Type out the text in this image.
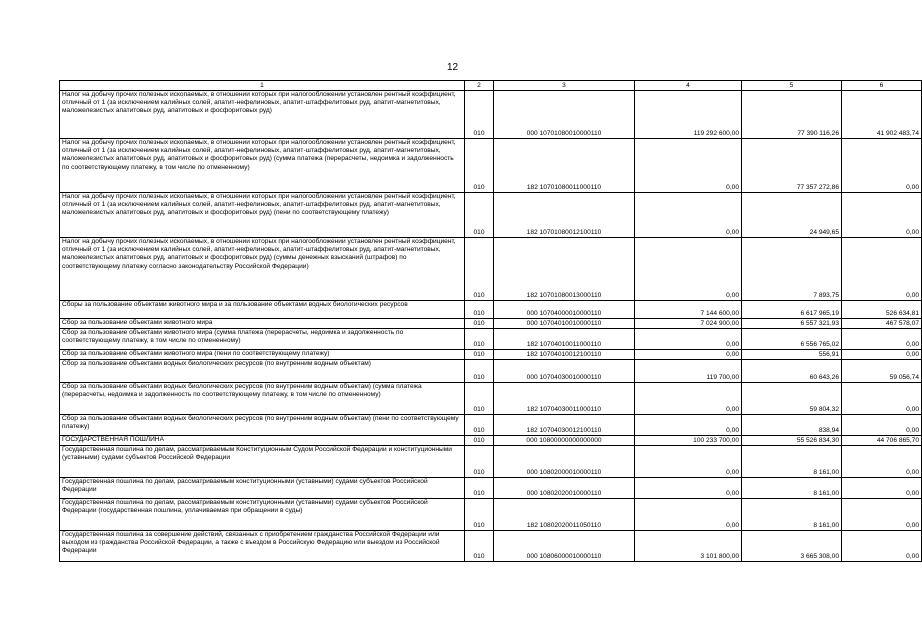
12
1	2	3	4	5	6

Налог на добычу прочих полезных ископаемых, в отношении которых при налогообложении установлен рентный коэффициент, отличный от 1 (за исключением калийных солей, апатит-нефелиновых, апатит-штаффелитовых руд, апатит-магнетитовых, маложелезистых апатитовых руд, апатитовых и фосфоритовых руд)	010	000 10701080010000110	119 292 600,00	77 390 116,26	41 902 483,74

Налог на добычу прочих полезных ископаемых, в отношении которых при налогообложении установлен рентный коэффициент, отличный от 1 (за исключением калийных солей, апатит-нефелиновых, апатит-штаффелитовых руд, апатит-магнетитовых, маложелезистых апатитовых руд, апатитовых и фосфоритовых руд) (сумма платежа (перерасчеты, недоимка и задолженность по соответствующему платежу, в том числе по отмененному)	010	182 10701080011000110	0,00	77 357 272,86	0,00

Налог на добычу прочих полезных ископаемых, в отношении которых при налогообложении установлен рентный коэффициент, отличный от 1 (за исключением калийных солей, апатит-нефелиновых, апатит-штаффелитовых руд, апатит-магнетитовых, маложелезистых апатитовых руд, апатитовых и фосфоритовых руд) (пени по соответствующему платежу)	010	182 10701080012100110	0,00	24 949,65	0,00

Налог на добычу прочих полезных ископаемых, в отношении которых при налогообложении установлен рентный коэффициент, отличный от 1 (за исключением калийных солей, апатит-нефелиновых, апатит-штаффелитовых руд, апатит-магнетитовых, маложелезистых апатитовых руд, апатитовых и фосфоритовых руд) (суммы денежных взысканий (штрафов) по соответствующему платежу согласно законодательству Российской Федерации)	010	182 10701080013000110	0,00	7 893,75	0,00

Сборы за пользование объектами животного мира и за пользование объектами водных биологических ресурсов	010	000 10704000010000110	7 144 600,00	6 617 965,19	526 634,81

Сбор за пользование объектами животного мира	010	000 10704010010000110	7 024 900,00	6 557 321,93	467 578,07

Сбор за пользование объектами животного мира (сумма платежа (перерасчеты, недоимка и задолженность по соответствующему платежу, в том числе по отмененному)	010	182 10704010011000110	0,00	6 556 765,02	0,00

Сбор за пользование объектами животного мира (пени по соответствующему платежу)	010	182 10704010012100110	0,00	556,91	0,00

Сбор за пользование объектами водных биологических ресурсов (по внутренним водным объектам)	010	000 10704030010000110	119 700,00	60 643,26	59 056,74

Сбор за пользование объектами водных биологических ресурсов (по внутренним водным объектам) (сумма платежа (перерасчеты, недоимка и задолженность по соответствующему платежу, в том числе по отмененному)	010	182 10704030011000110	0,00	59 804,32	0,00

Сбор за пользование объектами водных биологических ресурсов (по внутренним водным объектам) (пени по соответствующему платежу)	010	182 10704030012100110	0,00	838,94	0,00

ГОСУДАРСТВЕННАЯ ПОШЛИНА	010	000 10800000000000000	100 233 700,00	55 526 834,30	44 706 865,70

Государственная пошлина по делам, рассматриваемым Конституционным Судом Российской Федерации и конституционными (уставными) судами субъектов Российской Федерации	010	000 10802000010000110	0,00	8 161,00	0,00

Государственная пошлина по делам, рассматриваемым конституционными (уставными) судами субъектов Российской Федерации	010	000 10802020010000110	0,00	8 161,00	0,00

Государственная пошлина по делам, рассматриваемым конституционными (уставными) судами субъектов Российской Федерации (государственная пошлина, уплачиваемая при обращении в суды)	010	182 10802020011050110	0,00	8 161,00	0,00

Государственная пошлина за совершение действий, связанных с приобретением гражданства Российской Федерации или выходом из гражданства Российской Федерации, а также с въездом в Российскую Федерацию или выездом из Российской Федерации	010	000 10806000010000110	3 101 800,00	3 665 308,00	0,00
